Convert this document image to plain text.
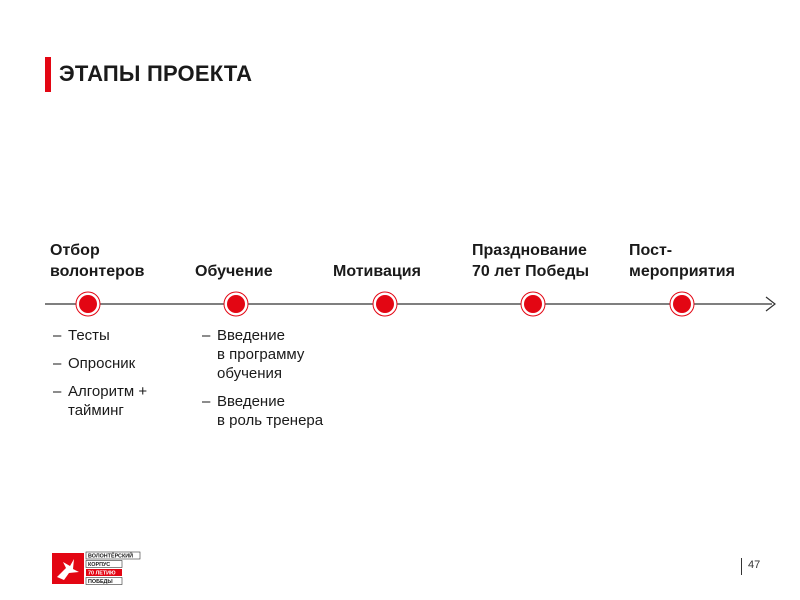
ЭТАПЫ ПРОЕКТА
Отбор
волонтеров
	Обучение
	Мотивация
Празднование
70 лет Победы
Пост-
мероприятия
– Тесты
– Опросник
– Алгоритм +
тайминг
– Введение
в программу
обучения
– Введение
в роль тренера
ВОЛОНТЁРСКИЙ
КОРПУС
70 ЛЕТИЮ
ПОБЕДЫ
47
